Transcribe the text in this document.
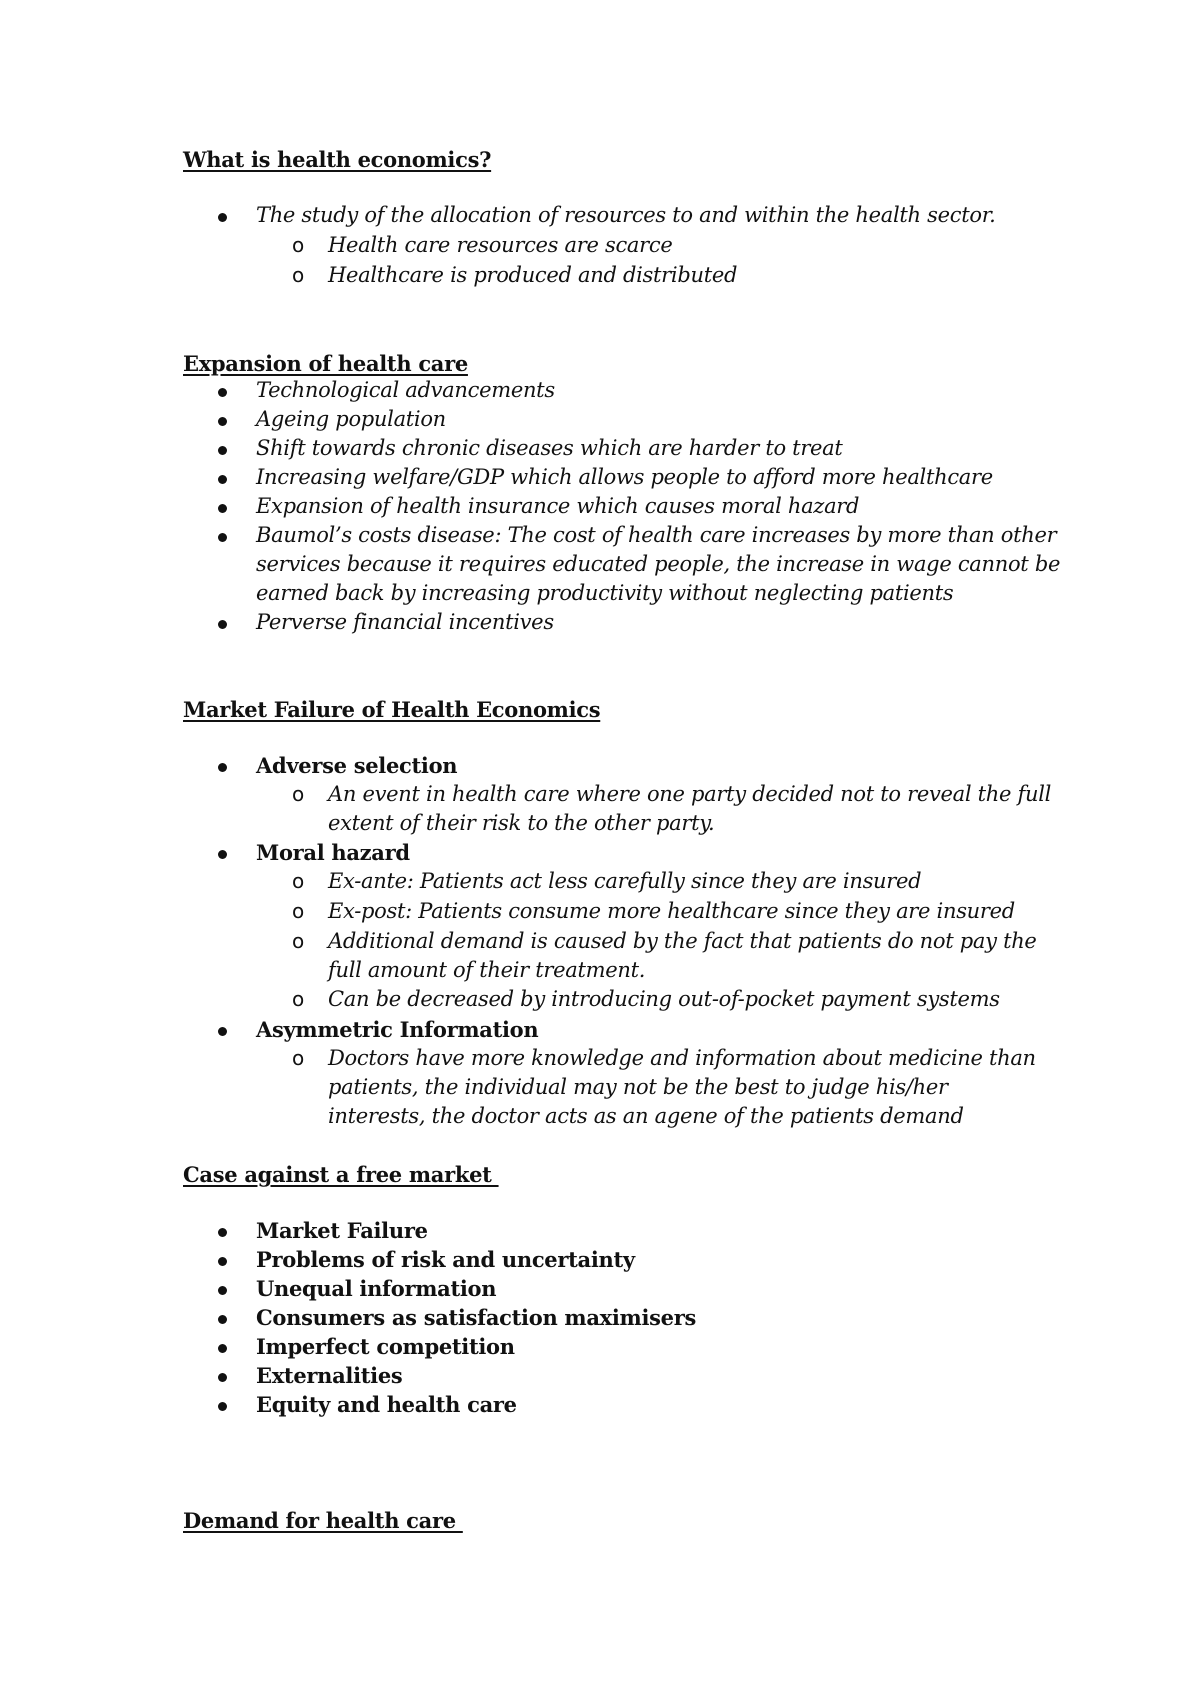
What is health economics?
The study of the allocation of resources to and within the health sector.
o Health care resources are scarce
o Healthcare is produced and distributed
Expansion of health care
Technological advancements
Ageing population
Shift towards chronic diseases which are harder to treat
Increasing welfare/GDP which allows people to afford more healthcare
Expansion of health insurance which causes moral hazard
Baumol’s costs disease: The cost of health care increases by more than other
services because it requires educated people, the increase in wage cannot be
earned back by increasing productivity without neglecting patients
Perverse financial incentives
Market Failure of Health Economics
Adverse selection
o An event in health care where one party decided not to reveal the full
extent of their risk to the other party.
Moral hazard
o Ex-ante: Patients act less carefully since they are insured
o Ex-post: Patients consume more healthcare since they are insured
o Additional demand is caused by the fact that patients do not pay the
full amount of their treatment.
o Can be decreased by introducing out-of-pocket payment systems
Asymmetric Information
o Doctors have more knowledge and information about medicine than
patients, the individual may not be the best to judge his/her
interests, the doctor acts as an agene of the patients demand
Case against a free market
Market Failure
Problems of risk and uncertainty
Unequal information
Consumers as satisfaction maximisers
Imperfect competition
Externalities
Equity and health care
Demand for health care
